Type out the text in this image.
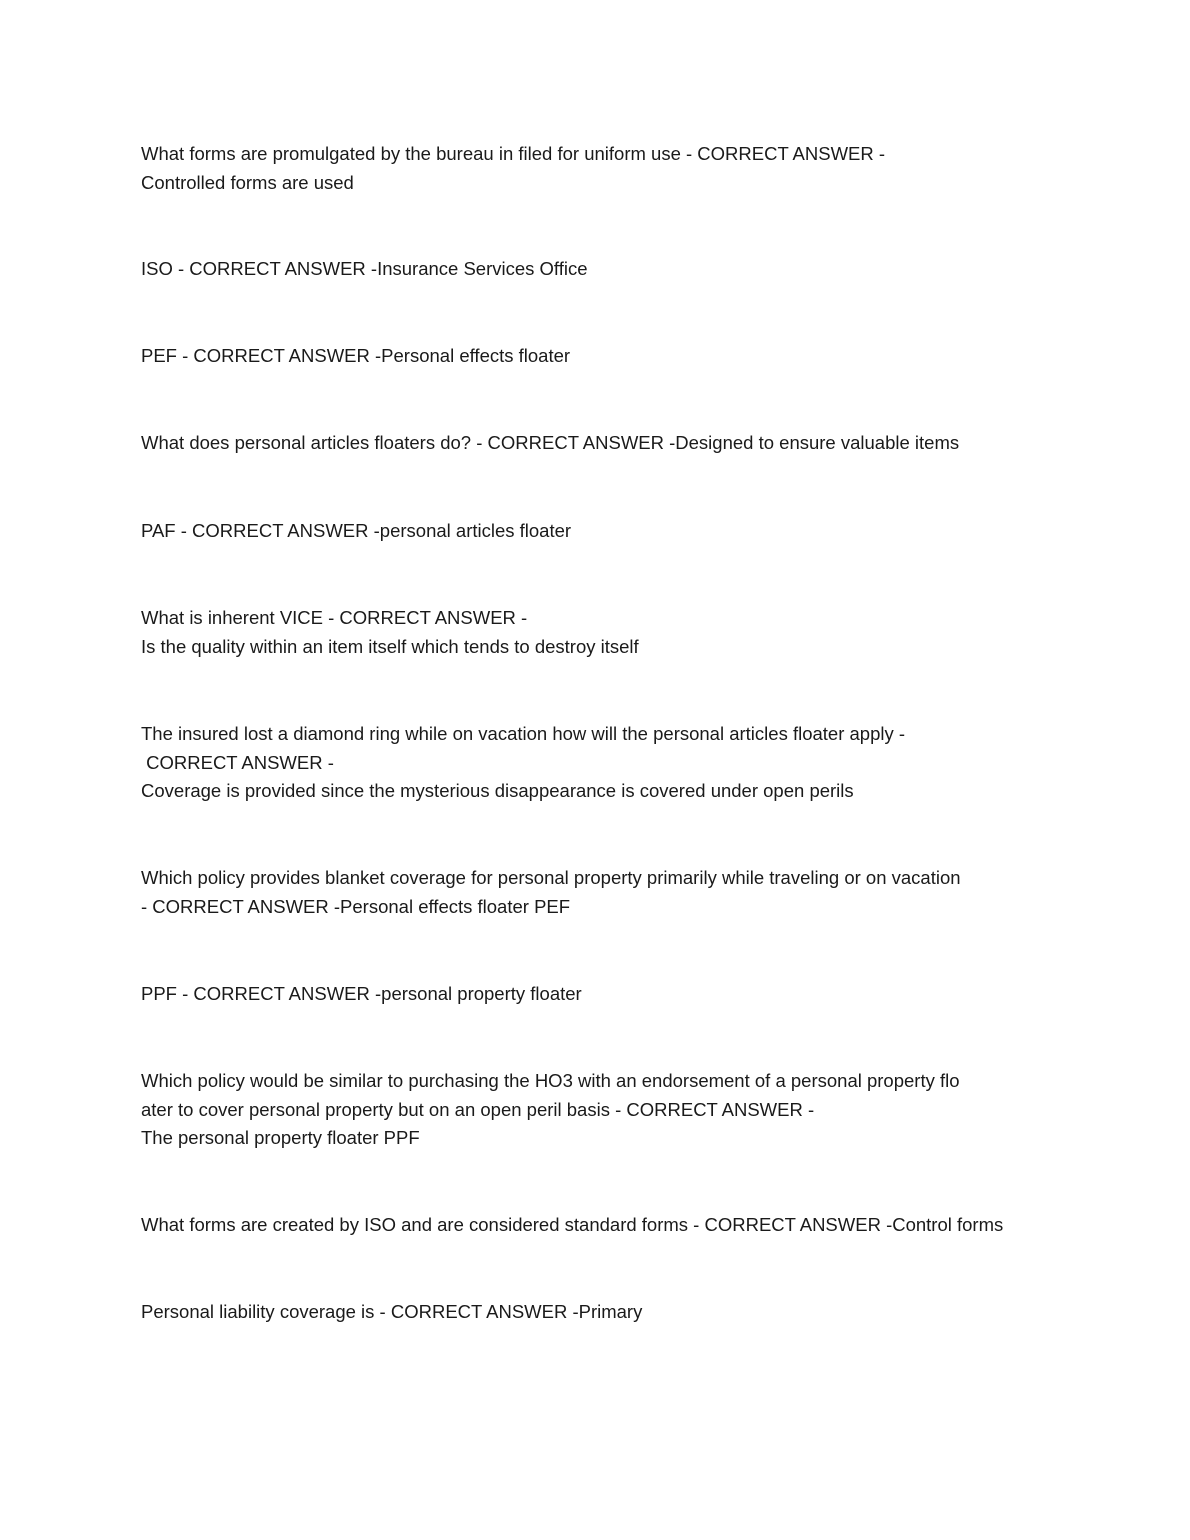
What forms are promulgated by the bureau in filed for uniform use - CORRECT ANSWER -
Controlled forms are used
ISO - CORRECT ANSWER -Insurance Services Office
PEF - CORRECT ANSWER -Personal effects floater
What does personal articles floaters do? - CORRECT ANSWER -Designed to ensure valuable items
PAF - CORRECT ANSWER -personal articles floater
What is inherent VICE - CORRECT ANSWER -
Is the quality within an item itself which tends to destroy itself
The insured lost a diamond ring while on vacation how will the personal articles floater apply -
CORRECT ANSWER -
Coverage is provided since the mysterious disappearance is covered under open perils
Which policy provides blanket coverage for personal property primarily while traveling or on vacation
- CORRECT ANSWER -Personal effects floater PEF
PPF - CORRECT ANSWER -personal property floater
Which policy would be similar to purchasing the HO3 with an endorsement of a personal property flo
ater to cover personal property but on an open peril basis - CORRECT ANSWER -
The personal property floater PPF
What forms are created by ISO and are considered standard forms - CORRECT ANSWER -Control forms
Personal liability coverage is - CORRECT ANSWER -Primary
